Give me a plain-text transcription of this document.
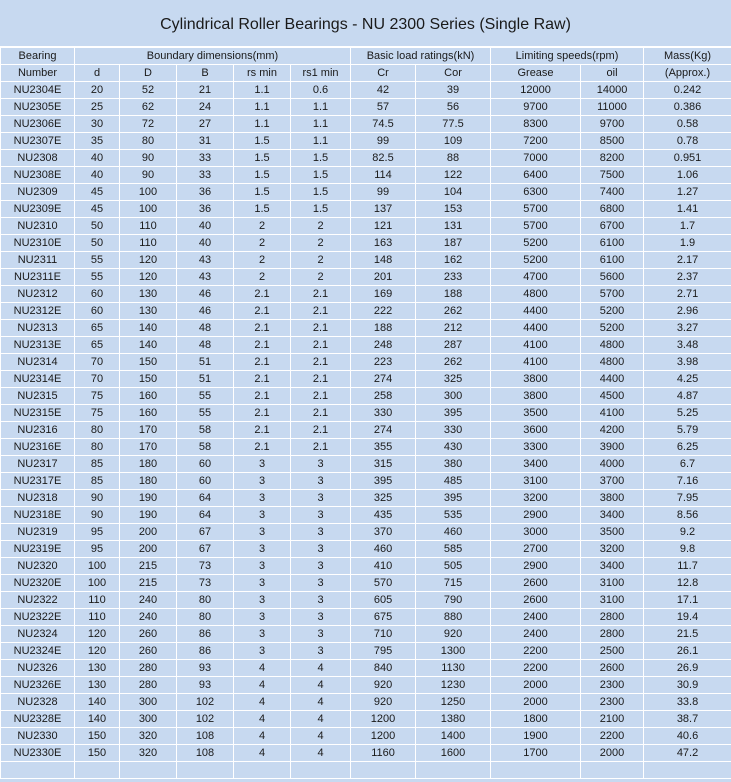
Cylindrical Roller Bearings - NU 2300 Series (Single Raw)
Bearing	Boundary dimensions(mm)					Basic load ratings(kN)		Limiting speeds(rpm)		Mass(Kg)
Number	d	D	B	rs min	rs1 min	Cr	Cor	Grease	oil	(Approx.)
NU2304E	20	52	21	1.1	0.6	42	39	12000	14000	0.242
NU2305E	25	62	24	1.1	1.1	57	56	9700	11000	0.386
NU2306E	30	72	27	1.1	1.1	74.5	77.5	8300	9700	0.58
NU2307E	35	80	31	1.5	1.1	99	109	7200	8500	0.78
NU2308	40	90	33	1.5	1.5	82.5	88	7000	8200	0.951
NU2308E	40	90	33	1.5	1.5	114	122	6400	7500	1.06
NU2309	45	100	36	1.5	1.5	99	104	6300	7400	1.27
NU2309E	45	100	36	1.5	1.5	137	153	5700	6800	1.41
NU2310	50	110	40	2	2	121	131	5700	6700	1.7
NU2310E	50	110	40	2	2	163	187	5200	6100	1.9
NU2311	55	120	43	2	2	148	162	5200	6100	2.17
NU2311E	55	120	43	2	2	201	233	4700	5600	2.37
NU2312	60	130	46	2.1	2.1	169	188	4800	5700	2.71
NU2312E	60	130	46	2.1	2.1	222	262	4400	5200	2.96
NU2313	65	140	48	2.1	2.1	188	212	4400	5200	3.27
NU2313E	65	140	48	2.1	2.1	248	287	4100	4800	3.48
NU2314	70	150	51	2.1	2.1	223	262	4100	4800	3.98
NU2314E	70	150	51	2.1	2.1	274	325	3800	4400	4.25
NU2315	75	160	55	2.1	2.1	258	300	3800	4500	4.87
NU2315E	75	160	55	2.1	2.1	330	395	3500	4100	5.25
NU2316	80	170	58	2.1	2.1	274	330	3600	4200	5.79
NU2316E	80	170	58	2.1	2.1	355	430	3300	3900	6.25
NU2317	85	180	60	3	3	315	380	3400	4000	6.7
NU2317E	85	180	60	3	3	395	485	3100	3700	7.16
NU2318	90	190	64	3	3	325	395	3200	3800	7.95
NU2318E	90	190	64	3	3	435	535	2900	3400	8.56
NU2319	95	200	67	3	3	370	460	3000	3500	9.2
NU2319E	95	200	67	3	3	460	585	2700	3200	9.8
NU2320	100	215	73	3	3	410	505	2900	3400	11.7
NU2320E	100	215	73	3	3	570	715	2600	3100	12.8
NU2322	110	240	80	3	3	605	790	2600	3100	17.1
NU2322E	110	240	80	3	3	675	880	2400	2800	19.4
NU2324	120	260	86	3	3	710	920	2400	2800	21.5
NU2324E	120	260	86	3	3	795	1300	2200	2500	26.1
NU2326	130	280	93	4	4	840	1130	2200	2600	26.9
NU2326E	130	280	93	4	4	920	1230	2000	2300	30.9
NU2328	140	300	102	4	4	920	1250	2000	2300	33.8
NU2328E	140	300	102	4	4	1200	1380	1800	2100	38.7
NU2330	150	320	108	4	4	1200	1400	1900	2200	40.6
NU2330E	150	320	108	4	4	1160	1600	1700	2000	47.2
